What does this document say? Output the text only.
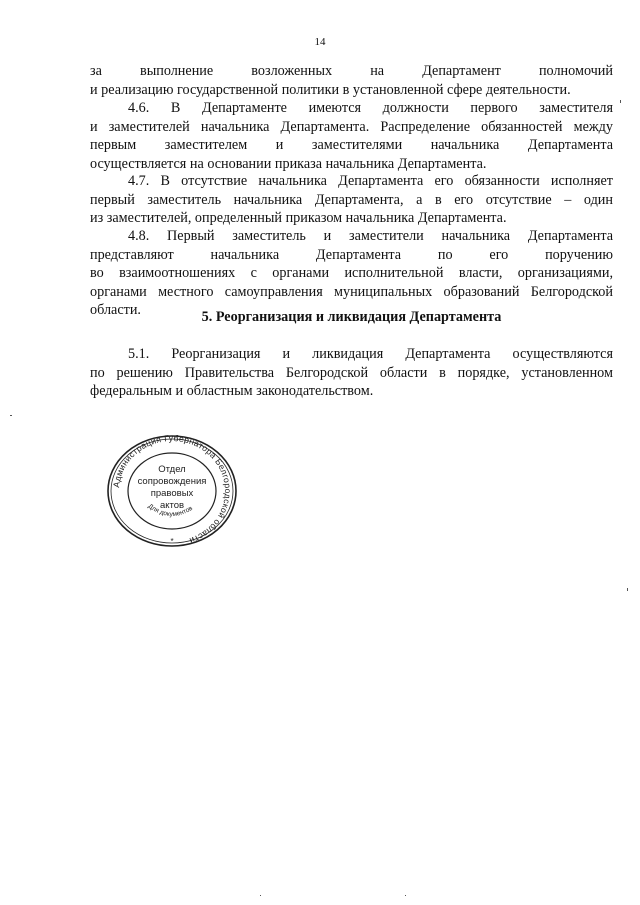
14

за выполнение возложенных на Департамент полномочий

и реализацию государственной политики в установленной сфере деятельности.

4.6. В Департаменте имеются должности первого заместителя

и заместителей начальника Департамента. Распределение обязанностей между

первым заместителем и заместителями начальника Департамента

осуществляется на основании приказа начальника Департамента.

4.7. В отсутствие начальника Департамента его обязанности исполняет

первый заместитель начальника Департамента, а в его отсутствие – один

из заместителей, определенный приказом начальника Департамента.

4.8. Первый заместитель и заместители начальника Департамента

представляют начальника Департамента по его поручению

во взаимоотношениях с органами исполнительной власти, организациями,

органами местного самоуправления муниципальных образований Белгородской

области.	5. Реорганизация и ликвидация Департамента

5.1. Реорганизация и ликвидация Департамента осуществляются

по решению Правительства Белгородской области в порядке, установленном

федеральным и областным законодательством.

Администрация Губернатора Белгородской области
Отдел
сопровождения
правовых
актов
Для документов
*
